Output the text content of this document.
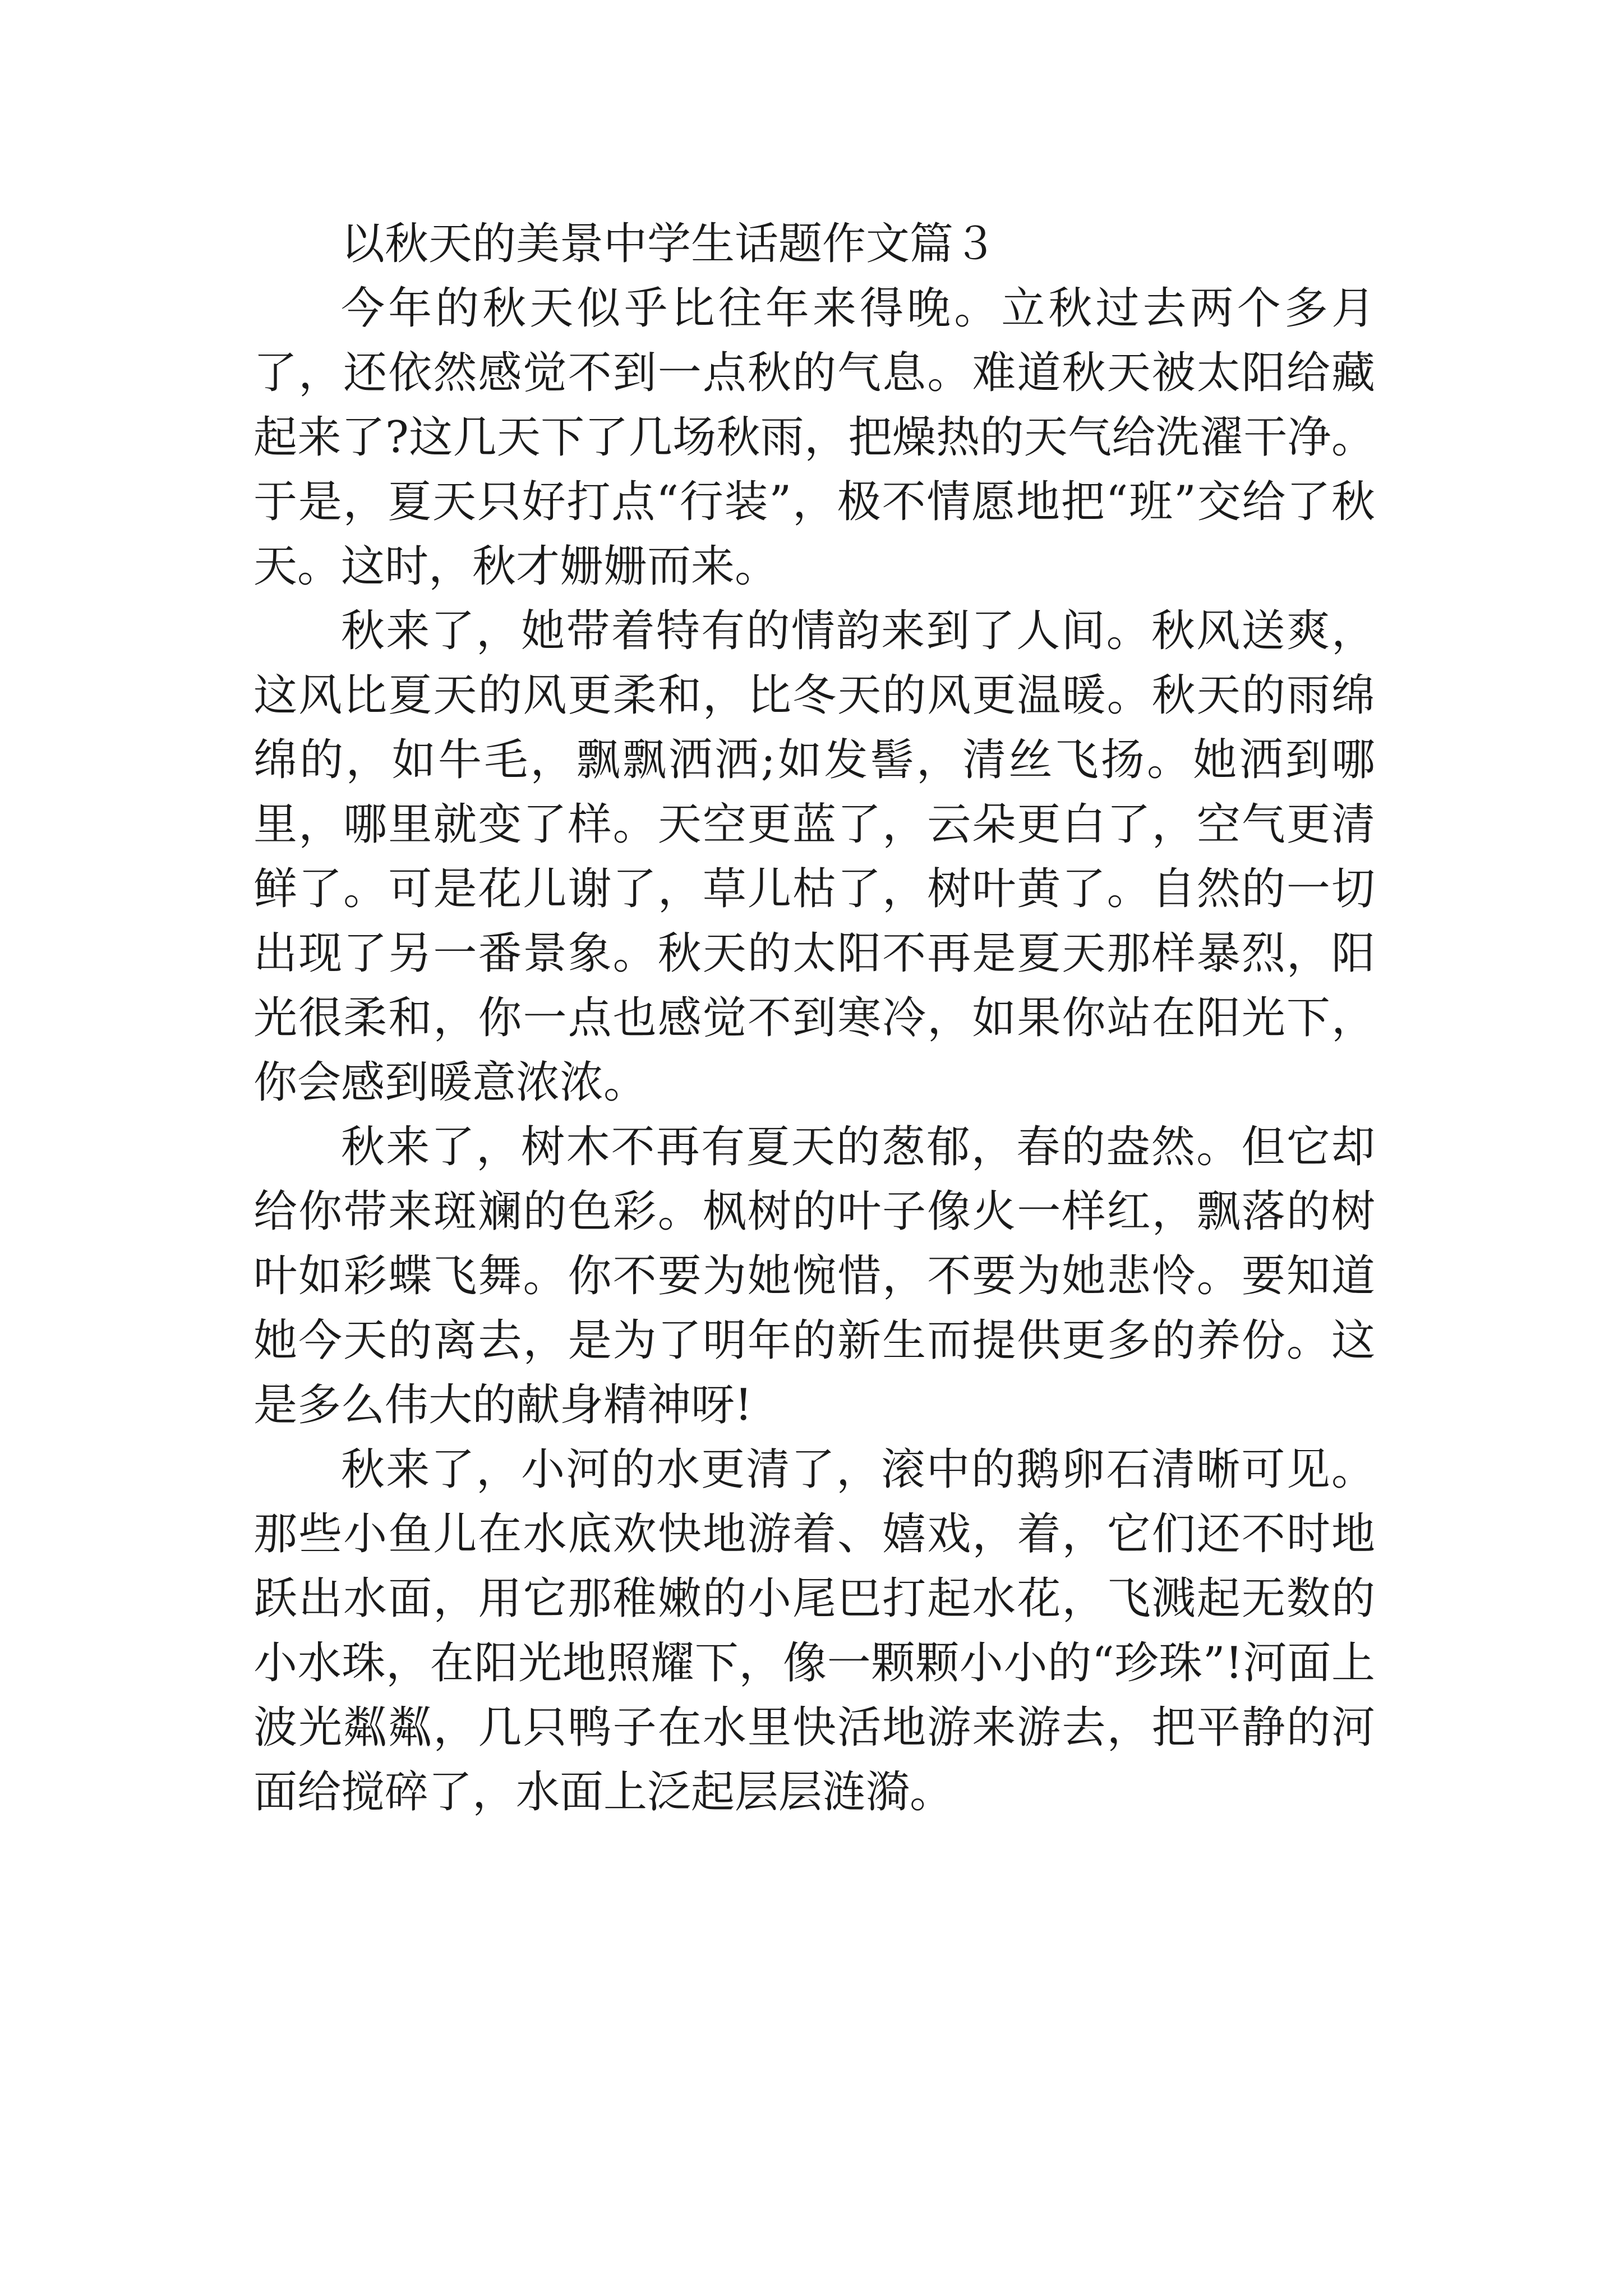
以秋天的美景中学生话题作文篇３

今年的秋天似乎比往年来得晚。立秋过去两个多月了，还依然感觉不到一点秋的气息。难道秋天被太阳给藏起来了?这几天下了几场秋雨，把燥热的天气给洗濯干净。于是，夏天只好打点“行装”，极不情愿地把“班”交给了秋天。这时，秋才姗姗而来。

秋来了，她带着特有的情韵来到了人间。秋风送爽，这风比夏天的风更柔和，比冬天的风更温暖。秋天的雨绵绵的，如牛毛，飘飘洒洒;如发髻，清丝飞扬。她洒到哪里，哪里就变了样。天空更蓝了，云朵更白了，空气更清鲜了。可是花儿谢了，草儿枯了，树叶黄了。自然的一切出现了另一番景象。秋天的太阳不再是夏天那样暴烈，阳光很柔和，你一点也感觉不到寒冷，如果你站在阳光下，你会感到暖意浓浓。

秋来了，树木不再有夏天的葱郁，春的盎然。但它却给你带来斑斓的色彩。枫树的叶子像火一样红，飘落的树叶如彩蝶飞舞。你不要为她惋惜，不要为她悲怜。要知道她今天的离去，是为了明年的新生而提供更多的养份。这是多么伟大的献身精神呀!

秋来了，小河的水更清了，滚中的鹅卵石清晰可见。那些小鱼儿在水底欢快地游着、嬉戏，着，它们还不时地跃出水面，用它那稚嫩的小尾巴打起水花，飞溅起无数的小水珠，在阳光地照耀下，像一颗颗小小的“珍珠”!河面上波光粼粼，几只鸭子在水里快活地游来游去，把平静的河面给搅碎了，水面上泛起层层涟漪。
